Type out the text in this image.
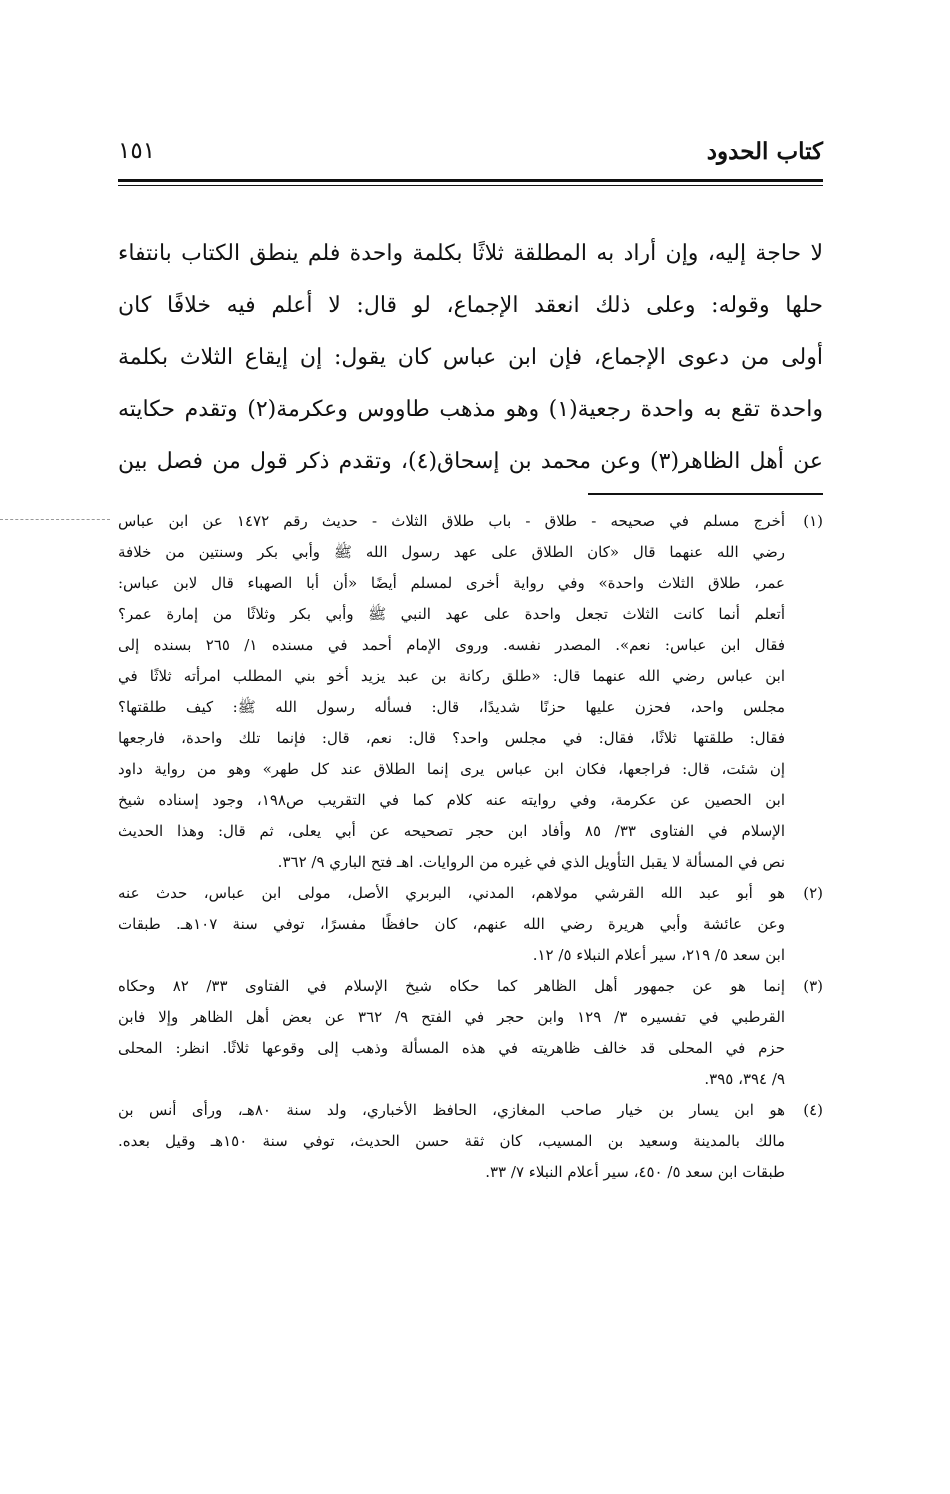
كتاب الحدود
١٥١
لا حاجة إليه، وإن أراد به المطلقة ثلاثًا بكلمة واحدة فلم ينطق الكتاب بانتفاء
حلها وقوله: وعلى ذلك انعقد الإجماع، لو قال: لا أعلم فيه خلافًا كان
أولى من دعوى الإجماع، فإن ابن عباس كان يقول: إن إيقاع الثلاث بكلمة
واحدة تقع به واحدة رجعية(١) وهو مذهب طاووس وعكرمة(٢) وتقدم حكايته
عن أهل الظاهر(٣) وعن محمد بن إسحاق(٤)، وتقدم ذكر قول من فصل بين
(١)
أخرج مسلم في صحيحه - طلاق - باب طلاق الثلاث - حديث رقم ١٤٧٢ عن ابن عباس
رضي الله عنهما قال «كان الطلاق على عهد رسول الله ﷺ وأبي بكر وسنتين من خلافة
عمر، طلاق الثلاث واحدة» وفي رواية أخرى لمسلم أيضًا «أن أبا الصهباء قال لابن عباس:
أتعلم أنما كانت الثلاث تجعل واحدة على عهد النبي ﷺ وأبي بكر وثلاثًا من إمارة عمر؟
فقال ابن عباس: نعم». المصدر نفسه. وروى الإمام أحمد في مسنده ١/ ٢٦٥ بسنده إلى
ابن عباس رضي الله عنهما قال: «طلق ركانة بن عبد يزيد أخو بني المطلب امرأته ثلاثًا في
مجلس واحد، فحزن عليها حزنًا شديدًا، قال: فسأله رسول الله ﷺ: كيف طلقتها؟
فقال: طلقتها ثلاثًا، فقال: في مجلس واحد؟ قال: نعم، قال: فإنما تلك واحدة، فارجعها
إن شئت، قال: فراجعها، فكان ابن عباس يرى إنما الطلاق عند كل طهر» وهو من رواية داود
ابن الحصين عن عكرمة، وفي روايته عنه كلام كما في التقريب ص١٩٨، وجود إسناده شيخ
الإسلام في الفتاوى ٣٣/ ٨٥ وأفاد ابن حجر تصحيحه عن أبي يعلى، ثم قال: وهذا الحديث
نص في المسألة لا يقبل التأويل الذي في غيره من الروايات. اهـ فتح الباري ٩/ ٣٦٢.
(٢)
هو أبو عبد الله القرشي مولاهم، المدني، البربري الأصل، مولى ابن عباس، حدث عنه
وعن عائشة وأبي هريرة رضي الله عنهم، كان حافظًا مفسرًا، توفي سنة ١٠٧هـ. طبقات
ابن سعد ٥/ ٢١٩، سير أعلام النبلاء ٥/ ١٢.
(٣)
إنما هو عن جمهور أهل الظاهر كما حكاه شيخ الإسلام في الفتاوى ٣٣/ ٨٢ وحكاه
القرطبي في تفسيره ٣/ ١٢٩ وابن حجر في الفتح ٩/ ٣٦٢ عن بعض أهل الظاهر وإلا فابن
حزم في المحلى قد خالف ظاهريته في هذه المسألة وذهب إلى وقوعها ثلاثًا. انظر: المحلى
٩/ ٣٩٤، ٣٩٥.
(٤)
هو ابن يسار بن خيار صاحب المغازي، الحافظ الأخباري، ولد سنة ٨٠هـ، ورأى أنس بن
مالك بالمدينة وسعيد بن المسيب، كان ثقة حسن الحديث، توفي سنة ١٥٠هـ وقيل بعده.
طبقات ابن سعد ٥/ ٤٥٠، سير أعلام النبلاء ٧/ ٣٣.
